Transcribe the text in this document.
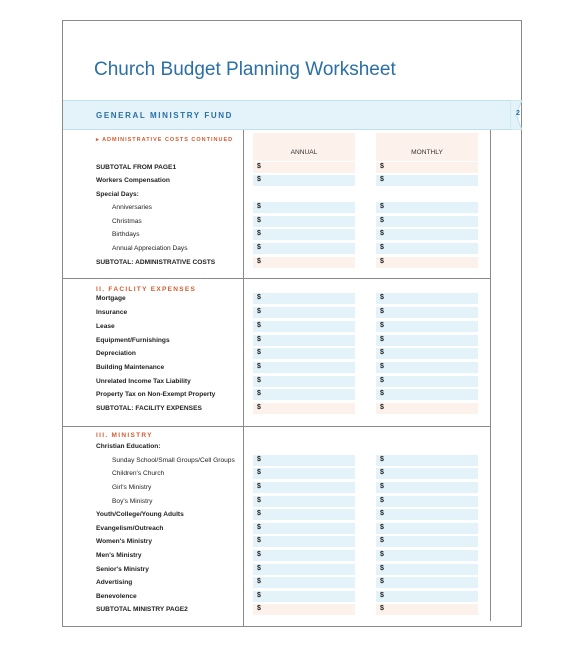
Church Budget Planning Worksheet
GENERAL MINISTRY FUND	2
ANNUAL	MONTHLY
▸ ADMINISTRATIVE COSTS CONTINUED
SUBTOTAL FROM PAGE1	$	$
Workers Compensation	$	$
Special Days:
Anniversaries	$	$
Christmas	$	$
Birthdays	$	$
Annual Appreciation Days	$	$
SUBTOTAL: ADMINISTRATIVE COSTS	$	$
II. FACILITY EXPENSES
Mortgage	$	$
Insurance	$	$
Lease	$	$
Equipment/Furnishings	$	$
Depreciation	$	$
Building Maintenance	$	$
Unrelated Income Tax Liability	$	$
Property Tax on Non-Exempt Property	$	$
SUBTOTAL: FACILITY EXPENSES	$	$
III. MINISTRY
Christian Education:
Sunday School/Small Groups/Cell Groups	$	$
Children's Church	$	$
Girl's Ministry	$	$
Boy's Ministry	$	$
Youth/College/Young Adults	$	$
Evangelism/Outreach	$	$
Women's Ministry	$	$
Men's Ministry	$	$
Senior's Ministry	$	$
Advertising	$	$
Benevolence	$	$
SUBTOTAL MINISTRY PAGE2	$	$
